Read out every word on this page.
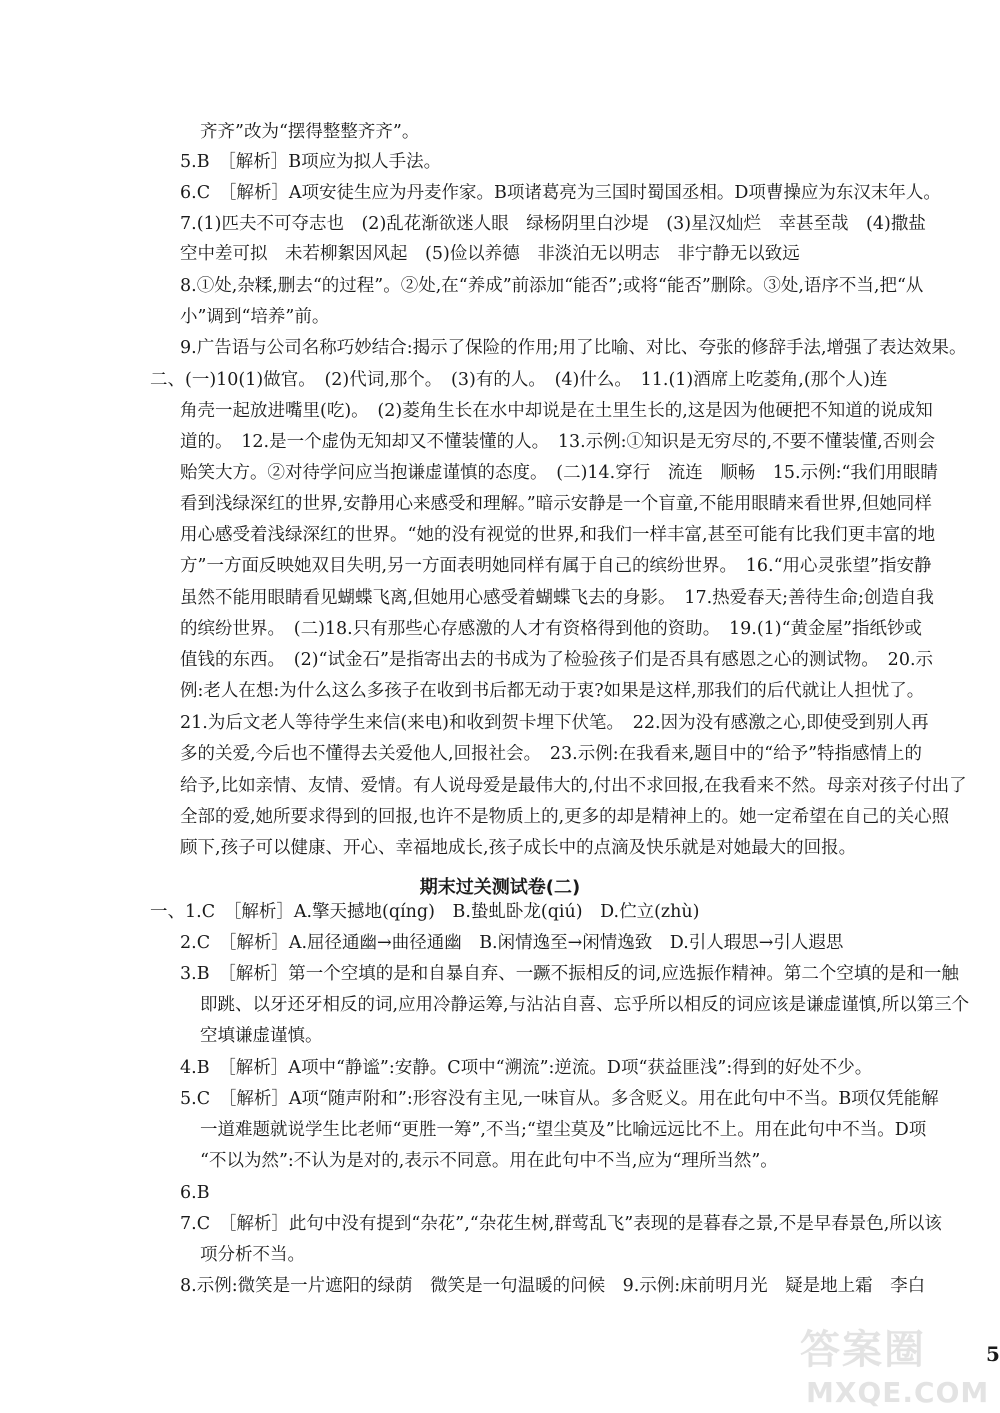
齐齐”改为“摆得整整齐齐”。
5.B　［解析］B项应为拟人手法。
6.C　［解析］A项安徒生应为丹麦作家。B项诸葛亮为三国时蜀国丞相。D项曹操应为东汉末年人。
7.(1)匹夫不可夺志也　(2)乱花渐欲迷人眼　绿杨阴里白沙堤　(3)星汉灿烂　幸甚至哉　(4)撒盐
空中差可拟　未若柳絮因风起　(5)俭以养德　非淡泊无以明志　非宁静无以致远
8.①处,杂糅,删去“的过程”。②处,在“养成”前添加“能否”;或将“能否”删除。③处,语序不当,把“从
小”调到“培养”前。
9.广告语与公司名称巧妙结合:揭示了保险的作用;用了比喻、对比、夸张的修辞手法,增强了表达效果。
二、(一)10(1)做官。　(2)代词,那个。　(3)有的人。　(4)什么。　11.(1)酒席上吃菱角,(那个人)连
角壳一起放进嘴里(吃)。　(2)菱角生长在水中却说是在土里生长的,这是因为他硬把不知道的说成知
道的。　12.是一个虚伪无知却又不懂装懂的人。　13.示例:①知识是无穷尽的,不要不懂装懂,否则会
贻笑大方。②对待学问应当抱谦虚谨慎的态度。　(二)14.穿行　流连　顺畅　15.示例:“我们用眼睛
看到浅绿深红的世界,安静用心来感受和理解。”暗示安静是一个盲童,不能用眼睛来看世界,但她同样
用心感受着浅绿深红的世界。“她的没有视觉的世界,和我们一样丰富,甚至可能有比我们更丰富的地
方”一方面反映她双目失明,另一方面表明她同样有属于自己的缤纷世界。　16.“用心灵张望”指安静
虽然不能用眼睛看见蝴蝶飞离,但她用心感受着蝴蝶飞去的身影。　17.热爱春天;善待生命;创造自我
的缤纷世界。　(二)18.只有那些心存感激的人才有资格得到他的资助。　19.(1)“黄金屋”指纸钞或
值钱的东西。　(2)“试金石”是指寄出去的书成为了检验孩子们是否具有感恩之心的测试物。　20.示
例:老人在想:为什么这么多孩子在收到书后都无动于衷?如果是这样,那我们的后代就让人担忧了。
21.为后文老人等待学生来信(来电)和收到贺卡埋下伏笔。　22.因为没有感激之心,即使受到别人再
多的关爱,今后也不懂得去关爱他人,回报社会。　23.示例:在我看来,题目中的“给予”特指感情上的
给予,比如亲情、友情、爱情。有人说母爱是最伟大的,付出不求回报,在我看来不然。母亲对孩子付出了
全部的爱,她所要求得到的回报,也许不是物质上的,更多的却是精神上的。她一定希望在自己的关心照
顾下,孩子可以健康、开心、幸福地成长,孩子成长中的点滴及快乐就是对她最大的回报。
期末过关测试卷(二)
一、1.C　［解析］A.擎天撼地(qíng)　B.蛰虬卧龙(qiú)　D.伫立(zhù)
2.C　［解析］A.屈径通幽→曲径通幽　B.闲情逸至→闲情逸致　D.引人瑕思→引人遐思
3.B　［解析］第一个空填的是和自暴自弃、一蹶不振相反的词,应选振作精神。第二个空填的是和一触
即跳、以牙还牙相反的词,应用冷静运筹,与沾沾自喜、忘乎所以相反的词应该是谦虚谨慎,所以第三个
空填谦虚谨慎。
4.B　［解析］A项中“静谧”:安静。C项中“溯流”:逆流。D项“获益匪浅”:得到的好处不少。
5.C　［解析］A项“随声附和”:形容没有主见,一味盲从。多含贬义。用在此句中不当。B项仅凭能解
一道难题就说学生比老师“更胜一筹”,不当;“望尘莫及”比喻远远比不上。用在此句中不当。D项
“不以为然”:不认为是对的,表示不同意。用在此句中不当,应为“理所当然”。
6.B
7.C　［解析］此句中没有提到“杂花”,“杂花生树,群莺乱飞”表现的是暮春之景,不是早春景色,所以该
项分析不当。
8.示例:微笑是一片遮阳的绿荫　微笑是一句温暖的问候　9.示例:床前明月光　疑是地上霜　李白
5
答案圈
MXQE.COM
